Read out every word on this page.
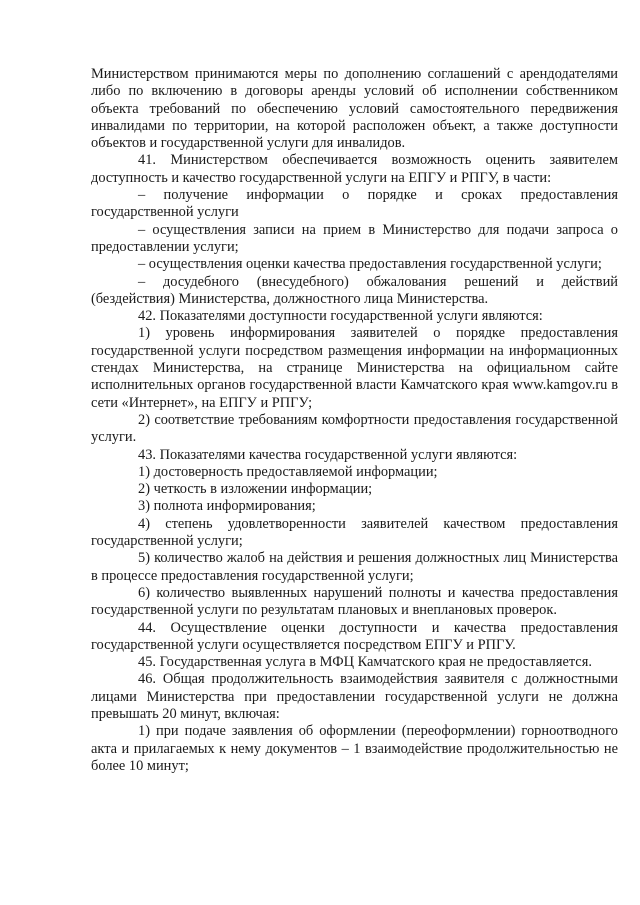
Министерством принимаются меры по дополнению соглашений с арендодателями либо по включению в договоры аренды условий об исполнении собственником объекта требований по обеспечению условий самостоятельного передвижения инвалидами по территории, на которой расположен объект, а также доступности объектов и государственной услуги для инвалидов.

41. Министерством обеспечивается возможность оценить заявителем доступность и качество государственной услуги на ЕПГУ и РПГУ, в части:

– получение информации о порядке и сроках предоставления государственной услуги

– осуществления записи на прием в Министерство для подачи запроса о предоставлении услуги;

– осуществления оценки качества предоставления государственной услуги;

– досудебного (внесудебного) обжалования решений и действий (бездействия) Министерства, должностного лица Министерства.

42. Показателями доступности государственной услуги являются:

1) уровень информирования заявителей о порядке предоставления государственной услуги посредством размещения информации на информационных стендах Министерства, на странице Министерства на официальном сайте исполнительных органов государственной власти Камчатского края www.kamgov.ru в сети «Интернет», на ЕПГУ и РПГУ;

2) соответствие требованиям комфортности предоставления государственной услуги.

43. Показателями качества государственной услуги являются:

1) достоверность предоставляемой информации;

2) четкость в изложении информации;

3) полнота информирования;

4) степень удовлетворенности заявителей качеством предоставления государственной услуги;

5) количество жалоб на действия и решения должностных лиц Министерства в процессе предоставления государственной услуги;

6) количество выявленных нарушений полноты и качества предоставления государственной услуги по результатам плановых и внеплановых проверок.

44. Осуществление оценки доступности и качества предоставления государственной услуги осуществляется посредством ЕПГУ и РПГУ.

45. Государственная услуга в МФЦ Камчатского края не предоставляется.

46. Общая продолжительность взаимодействия заявителя с должностными лицами Министерства при предоставлении государственной услуги не должна превышать 20 минут, включая:

1) при подаче заявления об оформлении (переоформлении) горноотводного акта и прилагаемых к нему документов – 1 взаимодействие продолжительностью не более 10 минут;
